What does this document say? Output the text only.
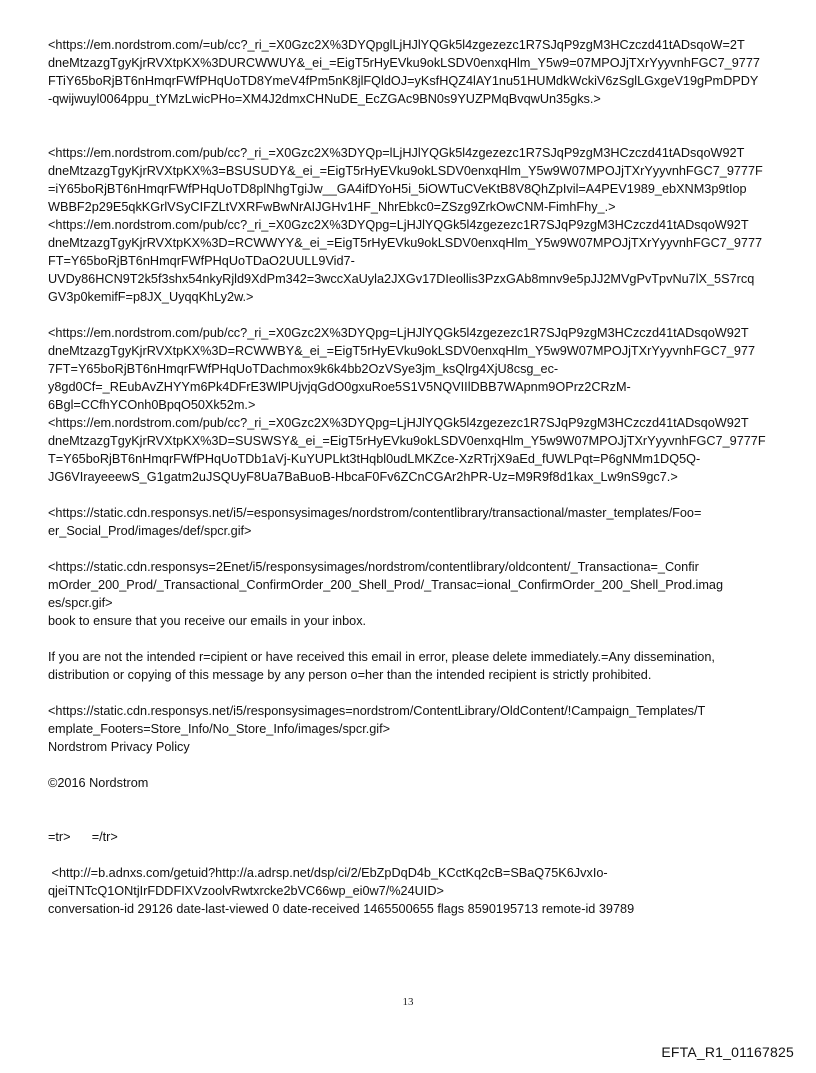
<https://em.nordstrom.com/=ub/cc?_ri_=X0Gzc2X%3DYQpglLjHJlYQGk5l4zgezezc1R7SJqP9zgM3HCzczd41tADsqoW=2T

dneMtzazgTgyKjrRVXtpKX%3DURCWWUY&_ei_=EigT5rHyEVku9okLSDV0enxqHlm_Y5w9=07MPOJjTXrYyyvnhFGC7_9777

FTiY65boRjBT6nHmqrFWfPHqUoTD8YmeV4fPm5nK8jlFQldOJ=yKsfHQZ4lAY1nu51HUMdkWckiV6zSglLGxgeV19gPmDPDY

-qwijwuyl0064ppu_tYMzLwicPHo=XM4J2dmxCHNuDE_EcZGAc9BN0s9YUZPMqBvqwUn35gks.>

<https://em.nordstrom.com/pub/cc?_ri_=X0Gzc2X%3DYQp=lLjHJlYQGk5l4zgezezc1R7SJqP9zgM3HCzczd41tADsqoW92T

dneMtzazgTgyKjrRVXtpKX%3=BSUSUDY&_ei_=EigT5rHyEVku9okLSDV0enxqHlm_Y5w9W07MPOJjTXrYyyvnhFGC7_9777F

=iY65boRjBT6nHmqrFWfPHqUoTD8plNhgTgiJw__GA4ifDYoH5i_5iOWTuCVeKtB8V8QhZpIvil=A4PEV1989_ebXNM3p9tIop

WBBF2p29E5qkKGrlVSyCIFZLtVXRFwBwNrAIJGHv1HF_NhrEbkc0=ZSzg9ZrkOwCNM-FimhFhy_.>

<https://em.nordstrom.com/pub/cc?_ri_=X0Gzc2X%3DYQpg=LjHJlYQGk5l4zgezezc1R7SJqP9zgM3HCzczd41tADsqoW92T

dneMtzazgTgyKjrRVXtpKX%3D=RCWWYY&_ei_=EigT5rHyEVku9okLSDV0enxqHlm_Y5w9W07MPOJjTXrYyyvnhFGC7_9777

FT=Y65boRjBT6nHmqrFWfPHqUoTDaO2UULL9Vid7-

UVDy86HCN9T2k5f3shx54nkyRjld9XdPm342=3wccXaUyla2JXGv17DIeollis3PzxGAb8mnv9e5pJJ2MVgPvTpvNu7lX_5S7rcq

GV3p0kemifF=p8JX_UyqqKhLy2w.>

<https://em.nordstrom.com/pub/cc?_ri_=X0Gzc2X%3DYQpg=LjHJlYQGk5l4zgezezc1R7SJqP9zgM3HCzczd41tADsqoW92T

dneMtzazgTgyKjrRVXtpKX%3D=RCWWBY&_ei_=EigT5rHyEVku9okLSDV0enxqHlm_Y5w9W07MPOJjTXrYyyvnhFGC7_977

7FT=Y65boRjBT6nHmqrFWfPHqUoTDachmox9k6k4bb2OzVSye3jm_ksQlrg4XjU8csg_ec-

y8gd0Cf=_REubAvZHYYm6Pk4DFrE3WlPUjvjqGdO0gxuRoe5S1V5NQVIIlDBB7WApnm9OPrz2CRzM-

6Bgl=CCfhYCOnh0BpqO50Xk52m.>

<https://em.nordstrom.com/pub/cc?_ri_=X0Gzc2X%3DYQpg=LjHJlYQGk5l4zgezezc1R7SJqP9zgM3HCzczd41tADsqoW92T

dneMtzazgTgyKjrRVXtpKX%3D=SUSWSY&_ei_=EigT5rHyEVku9okLSDV0enxqHlm_Y5w9W07MPOJjTXrYyyvnhFGC7_9777F

T=Y65boRjBT6nHmqrFWfPHqUoTDb1aVj-KuYUPLkt3tHqbl0udLMKZce-XzRTrjX9aEd_fUWLPqt=P6gNMm1DQ5Q-

JG6VIrayeeewS_G1gatm2uJSQUyF8Ua7BaBuoB-HbcaF0Fv6ZCnCGAr2hPR-Uz=M9R9f8d1kax_Lw9nS9gc7.>

<https://static.cdn.responsys.net/i5/=esponsysimages/nordstrom/contentlibrary/transactional/master_templates/Foo=

er_Social_Prod/images/def/spcr.gif>

<https://static.cdn.responsys=2Enet/i5/responsysimages/nordstrom/contentlibrary/oldcontent/_Transactiona=_Confir

mOrder_200_Prod/_Transactional_ConfirmOrder_200_Shell_Prod/_Transac=ional_ConfirmOrder_200_Shell_Prod.imag

es/spcr.gif>

book to ensure that you receive our emails in your inbox.

If you are not the intended r=cipient or have received this email in error, please delete immediately.=Any dissemination,

distribution or copying of this message by any person o=her than the intended recipient is strictly prohibited.

<https://static.cdn.responsys.net/i5/responsysimages=nordstrom/ContentLibrary/OldContent/!Campaign_Templates/T

emplate_Footers=Store_Info/No_Store_Info/images/spcr.gif>

Nordstrom Privacy Policy

©2016 Nordstrom

=tr>      =/tr>

<http://=b.adnxs.com/getuid?http://a.adrsp.net/dsp/ci/2/EbZpDqD4b_KCctKq2cB=SBaQ75K6JvxIo-

qjeiTNTcQ1ONtjIrFDDFIXVzoolvRwtxrcke2bVC66wp_ei0w7/%24UID>

conversation-id 29126 date-last-viewed 0 date-received 1465500655 flags 8590195713 remote-id 39789

13
EFTA_R1_01167825
